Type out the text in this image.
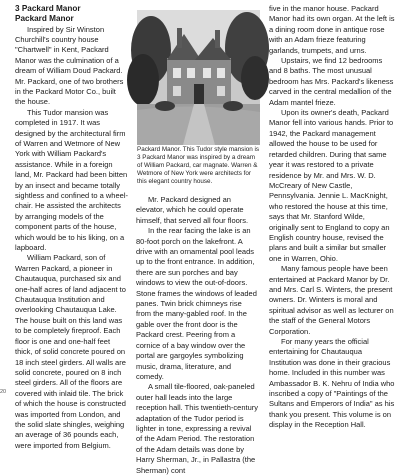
3 Packard Manor
Packard Manor

Inspired by Sir Winston Churchill's country house "Chartwell" in Kent, Packard Manor was the culmination of a dream of William Doud Packard. Mr. Packard, one of two brothers in the Packard Motor Co., built the house.

This Tudor mansion was completed in 1917. It was designed by the architectural firm of Warren and Wetmore of New York with William Packard's assistance. While in a foreign land, Mr. Packard had been bitten by an insect and became totally sightless and confined to a wheel-chair. He assisted the architects by arranging models of the component parts of the house, which would be to his liking, on a lapboard.

William Packard, son of Warren Packard, a pioneer in Chautauqua, purchased six and one-half acres of land adjacent to Chautauqua Institution and overlooking Chautauqua Lake. The house built on this land was to be completely fireproof. Each floor is one and one-half feet thick, of solid concrete poured on 18 inch steel girders. All walls are solid concrete, poured on 8 inch steel girders. All of the floors are covered with inlaid tile. The brick of which the house is constructed was imported from London, and the solid slate shingles, weighing an average of 36 pounds each, were imported from Belgium.

Packard Manor. This Tudor style mansion is 3 Packard Manor was inspired by a dream of William Packard, car magnate. Warren & Wetmore of New York were architects for this elegant country house.

Mr. Packard designed an elevator, which he could operate himself, that served all four floors.

In the rear facing the lake is an 80-foot porch on the lakefront. A drive with an ornamental pool leads up to the front entrance. In addition, there are sun porches and bay windows to view the out-of-doors. Stone frames the windows of leaded panes. Twin brick chimneys rise from the many-gabled roof. In the gable over the front door is the Packard crest. Peering from a cornice of a bay window over the portal are gargoyles symbolizing music, drama, literature, and comedy.

A small tile-floored, oak-paneled outer hall leads into the large reception hall. This twentieth-century adaptation of the Tudor period is lighter in tone, expressing a revival of the Adam Period. The restoration of the Adam details was done by Harry Sherman, Jr., in Pallastra (the Sherman) cont

five in the manor house. Packard Manor had its own organ. At the left is a dining room done in antique rose with an Adam frieze featuring garlands, trumpets, and urns.

Upstairs, we find 12 bedrooms and 8 baths. The most unusual bedroom has Mrs. Packard's likeness carved in the central medallion of the Adam mantel frieze.

Upon its owner's death, Packard Manor fell into various hands. Prior to 1942, the Packard management allowed the house to be used for retarded children. During that same year it was restored to a private residence by Mr. and Mrs. W. D. McCreary of New Castle, Pennsylvania. Jennie L. MacKnight, who restored the house at this time, says that Mr. Stanford Wilde, originally sent to England to copy an English country house, revised the plans and built a similar but smaller one in Warren, Ohio.

Many famous people have been entertained at Packard Manor by Dr. and Mrs. Carl S. Winters, the present owners. Dr. Winters is moral and spiritual advisor as well as lecturer on the staff of the General Motors Corporation.

For many years the official entertaining for Chautauqua Institution was done in their gracious home. Included in this number was Ambassador B. K. Nehru of India who inscribed a copy of "Paintings of the Sultans and Emperors of India" as his thank you present. This volume is on display in the Reception Hall.

20
